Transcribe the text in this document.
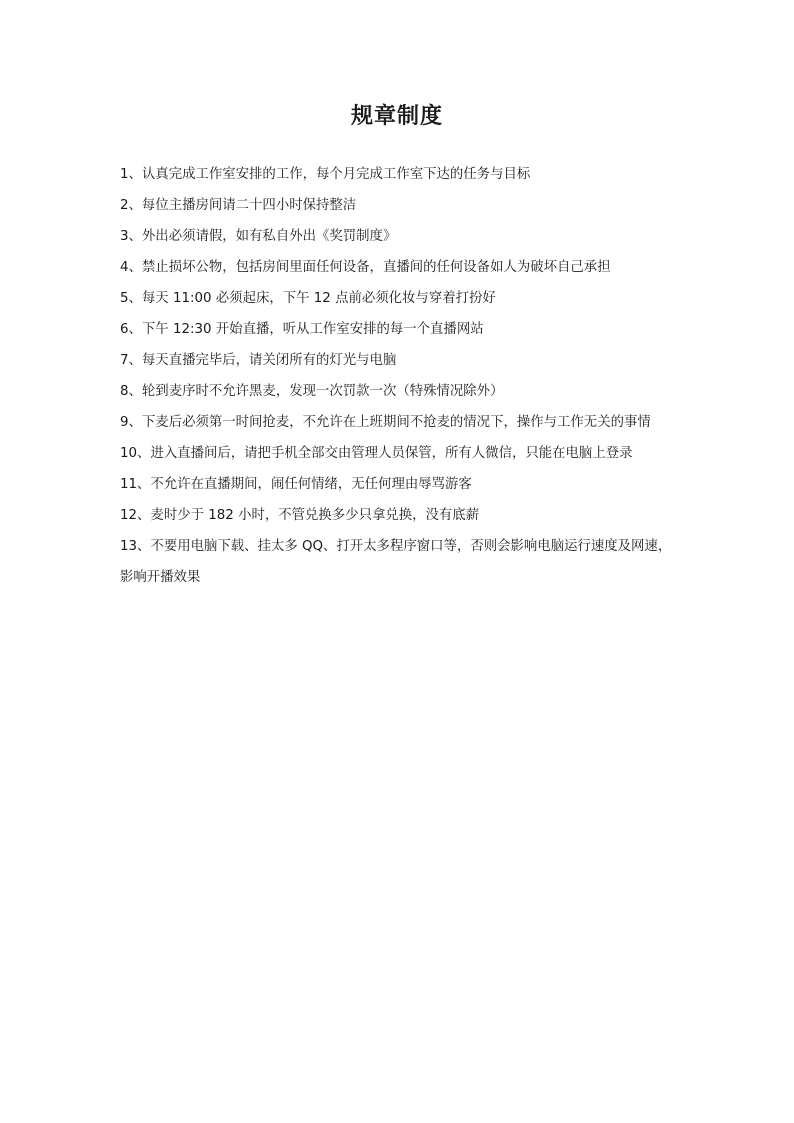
规章制度
1、认真完成工作室安排的工作，每个月完成工作室下达的任务与目标
2、每位主播房间请二十四小时保持整洁
3、外出必须请假，如有私自外出《奖罚制度》
4、禁止损坏公物，包括房间里面任何设备，直播间的任何设备如人为破坏自己承担
5、每天 11:00 必须起床，下午 12 点前必须化妆与穿着打扮好
6、下午 12:30 开始直播，听从工作室安排的每一个直播网站
7、每天直播完毕后，请关闭所有的灯光与电脑
8、轮到麦序时不允许黑麦，发现一次罚款一次（特殊情况除外）
9、下麦后必须第一时间抢麦，不允许在上班期间不抢麦的情况下，操作与工作无关的事情
10、进入直播间后，请把手机全部交由管理人员保管，所有人微信，只能在电脑上登录
11、不允许在直播期间，闹任何情绪，无任何理由辱骂游客
12、麦时少于 182 小时，不管兑换多少只拿兑换，没有底薪
13、不要用电脑下载、挂太多 QQ、打开太多程序窗口等，否则会影响电脑运行速度及网速，影响开播效果
